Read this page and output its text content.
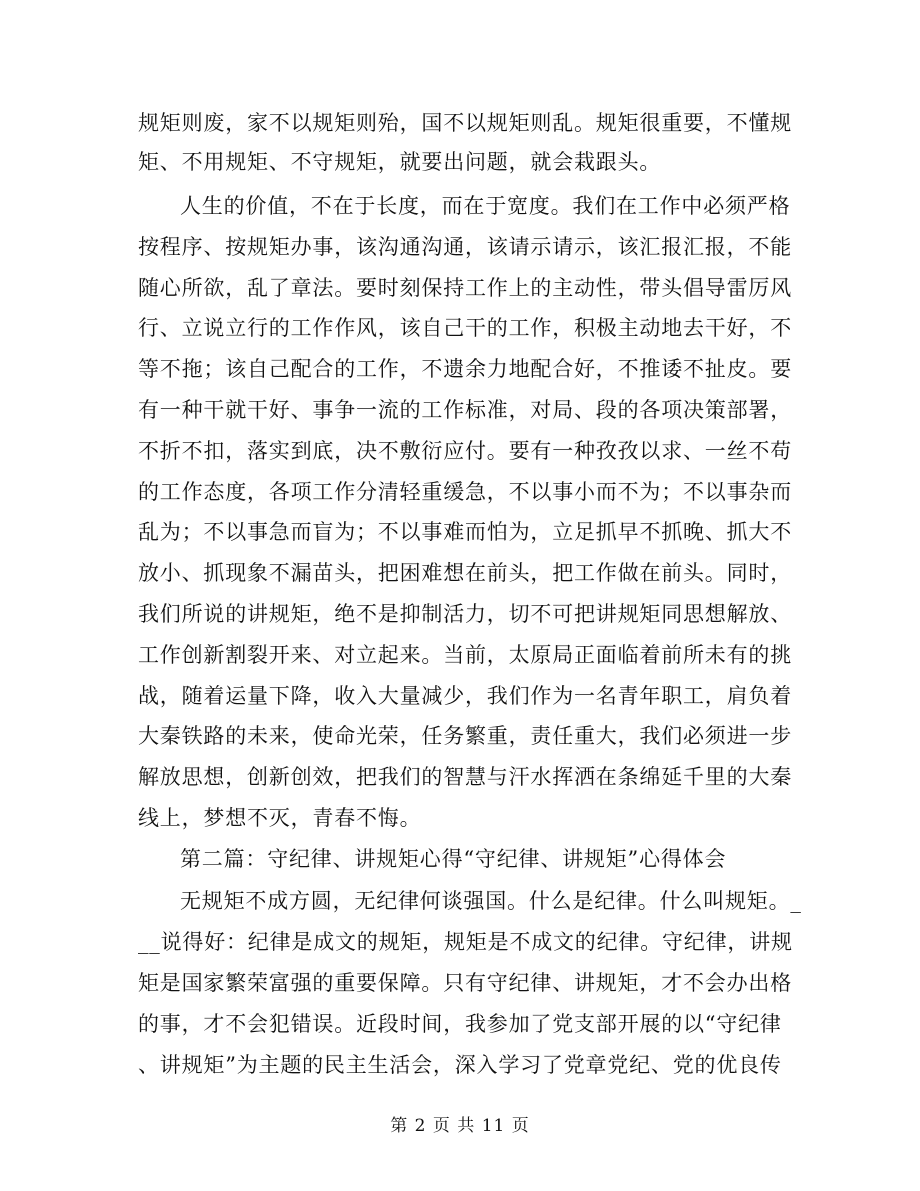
规矩则废，家不以规矩则殆，国不以规矩则乱。规矩很重要，不懂规
矩、不用规矩、不守规矩，就要出问题，就会栽跟头。
人生的价值，不在于长度，而在于宽度。我们在工作中必须严格
按程序、按规矩办事，该沟通沟通，该请示请示，该汇报汇报，不能
随心所欲，乱了章法。要时刻保持工作上的主动性，带头倡导雷厉风
行、立说立行的工作作风，该自己干的工作，积极主动地去干好，不
等不拖；该自己配合的工作，不遗余力地配合好，不推诿不扯皮。要
有一种干就干好、事争一流的工作标准，对局、段的各项决策部署，
不折不扣，落实到底，决不敷衍应付。要有一种孜孜以求、一丝不苟
的工作态度，各项工作分清轻重缓急，不以事小而不为；不以事杂而
乱为；不以事急而盲为；不以事难而怕为，立足抓早不抓晚、抓大不
放小、抓现象不漏苗头，把困难想在前头，把工作做在前头。同时，
我们所说的讲规矩，绝不是抑制活力，切不可把讲规矩同思想解放、
工作创新割裂开来、对立起来。当前，太原局正面临着前所未有的挑
战，随着运量下降，收入大量减少，我们作为一名青年职工，肩负着
大秦铁路的未来，使命光荣，任务繁重，责任重大，我们必须进一步
解放思想，创新创效，把我们的智慧与汗水挥洒在条绵延千里的大秦
线上，梦想不灭，青春不悔。
第二篇：守纪律、讲规矩心得“守纪律、讲规矩”心得体会
无规矩不成方圆，无纪律何谈强国。什么是纪律。什么叫规矩。_
__说得好：纪律是成文的规矩，规矩是不成文的纪律。守纪律，讲规
矩是国家繁荣富强的重要保障。只有守纪律、讲规矩，才不会办出格
的事，才不会犯错误。近段时间，我参加了党支部开展的以“守纪律
、讲规矩”为主题的民主生活会，深入学习了党章党纪、党的优良传
第 2 页 共 11 页
